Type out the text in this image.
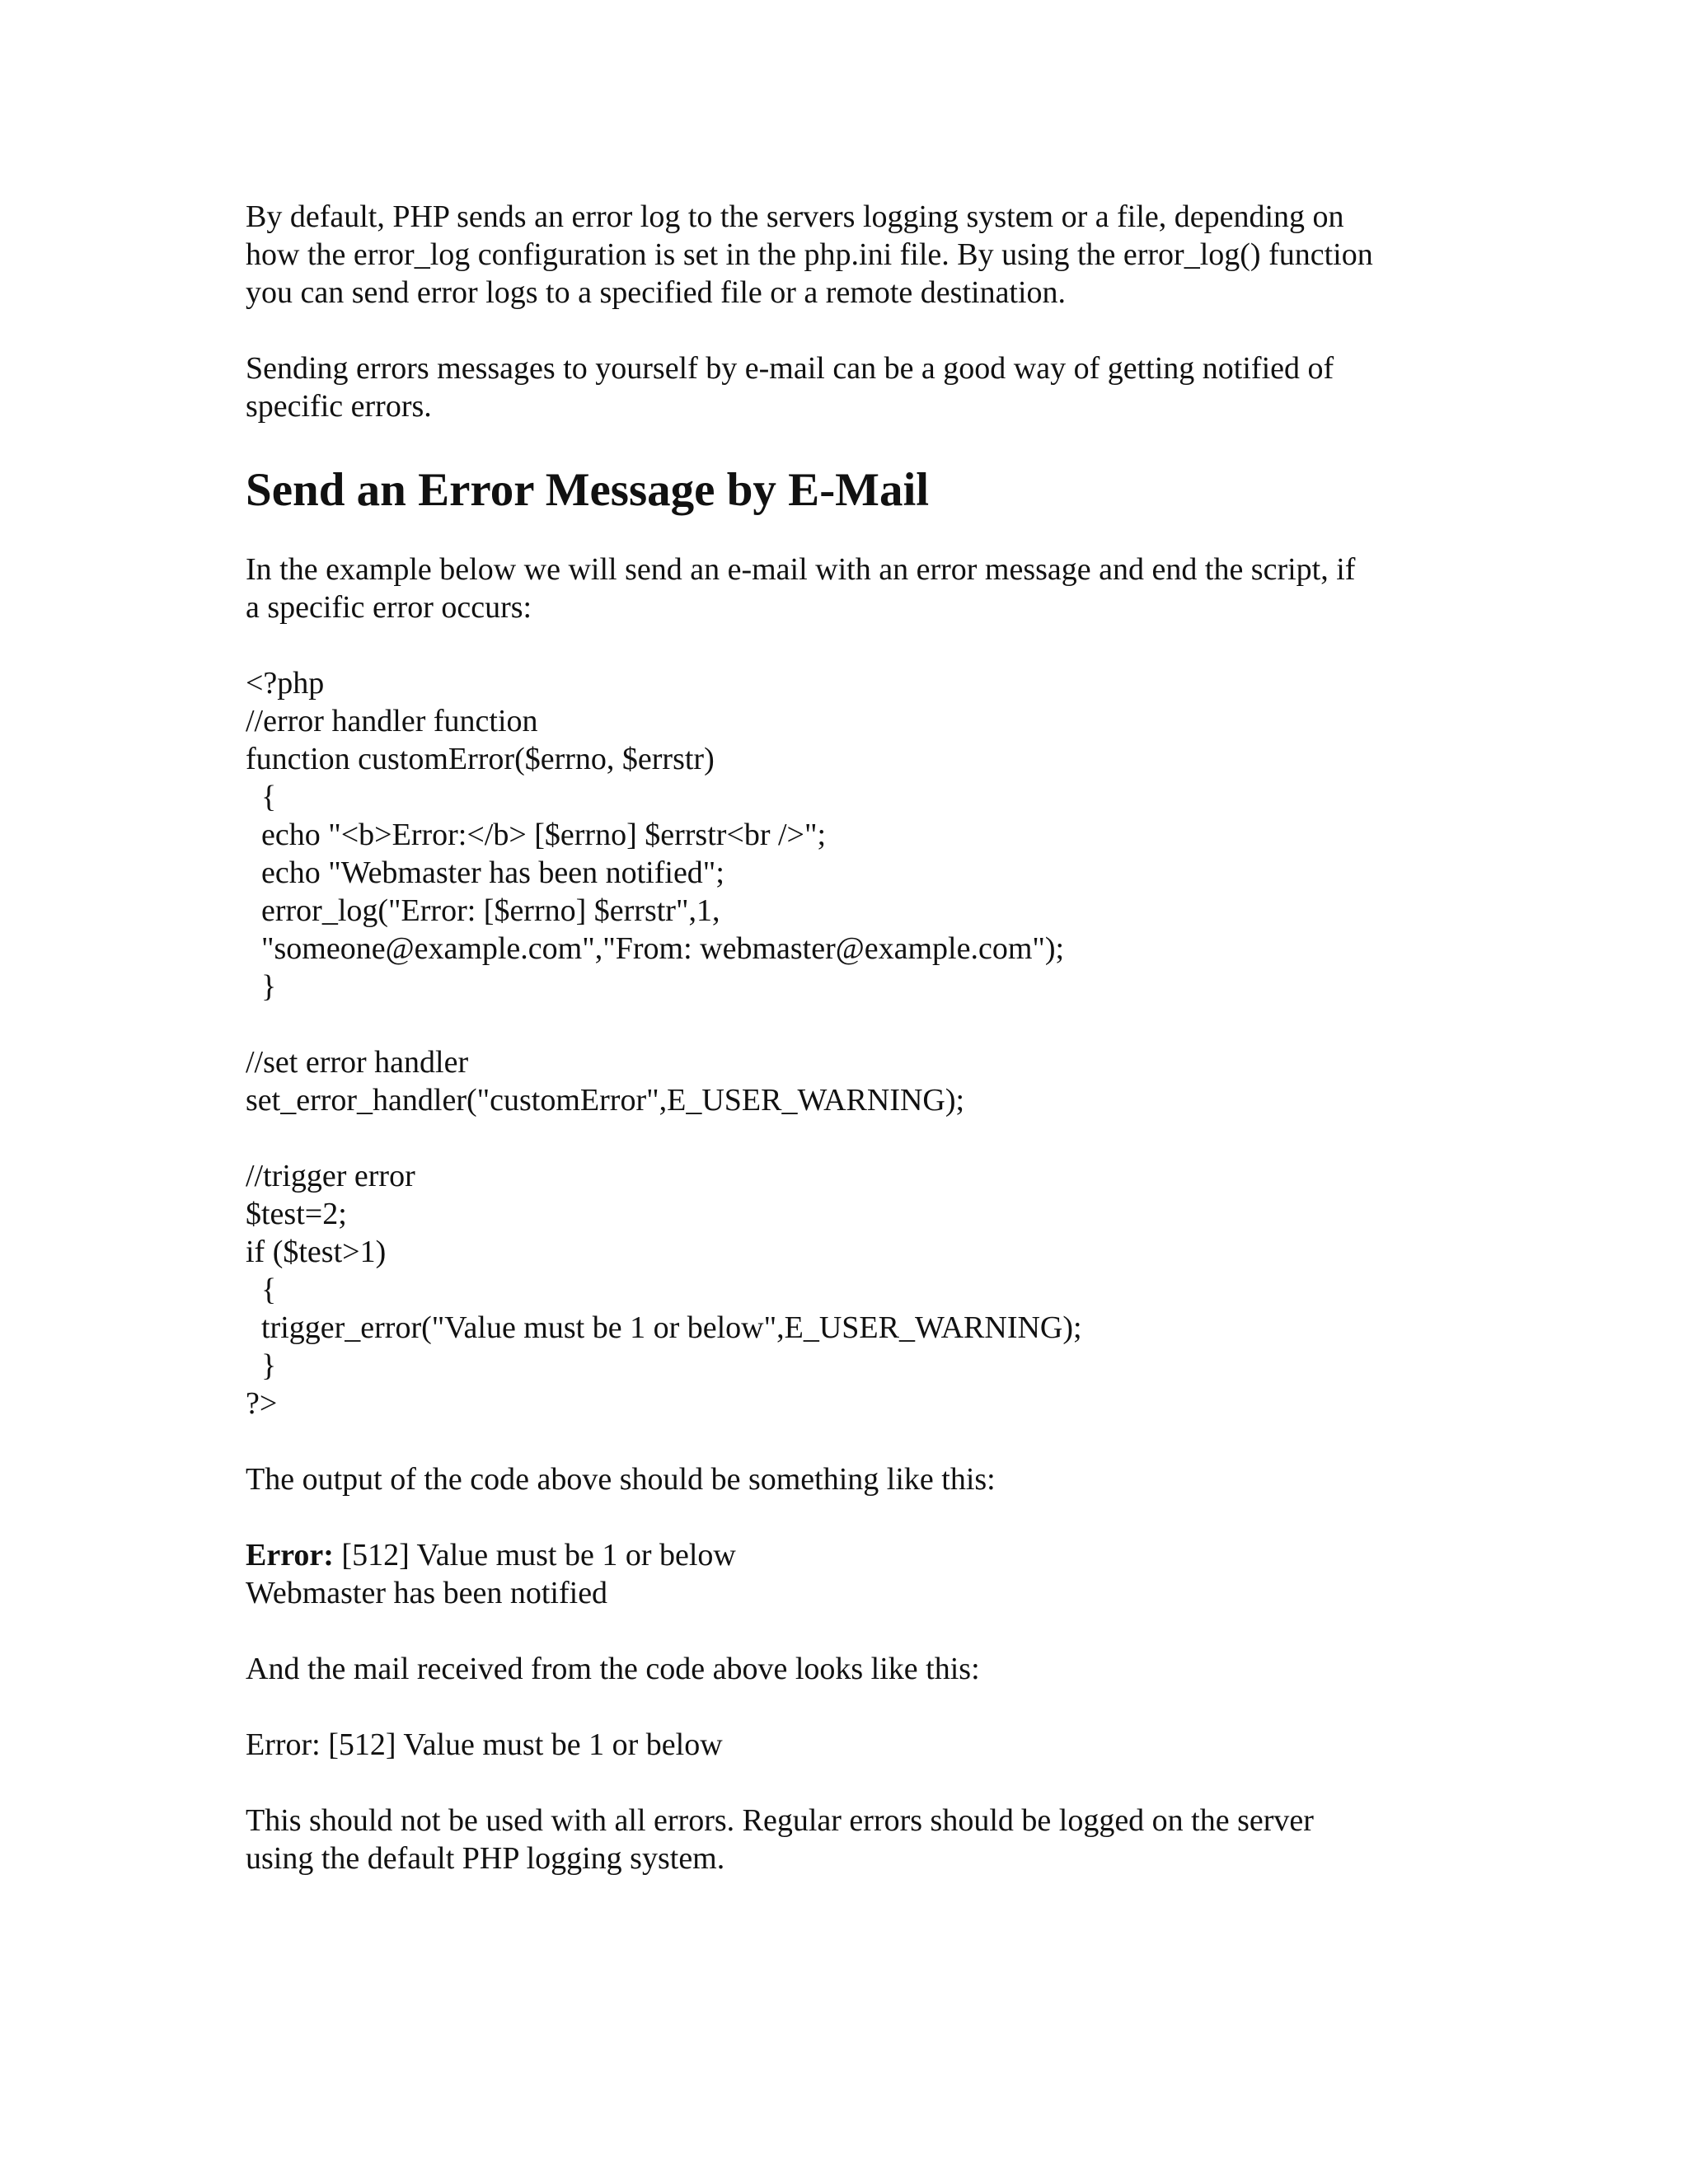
By default, PHP sends an error log to the servers logging system or a file, depending on
how the error_log configuration is set in the php.ini file. By using the error_log() function
you can send error logs to a specified file or a remote destination.

Sending errors messages to yourself by e-mail can be a good way of getting notified of
specific errors.

Send an Error Message by E-Mail

In the example below we will send an e-mail with an error message and end the script, if
a specific error occurs:

<?php
//error handler function
function customError($errno, $errstr)
{
echo "<b>Error:</b> [$errno] $errstr<br />";
echo "Webmaster has been notified";
error_log("Error: [$errno] $errstr",1,
"someone@example.com","From: webmaster@example.com");
}
//set error handler
set_error_handler("customError",E_USER_WARNING);
//trigger error
$test=2;
if ($test>1)
{
trigger_error("Value must be 1 or below",E_USER_WARNING);
}
?>

The output of the code above should be something like this:

Error: [512] Value must be 1 or below
Webmaster has been notified

And the mail received from the code above looks like this:

Error: [512] Value must be 1 or below

This should not be used with all errors. Regular errors should be logged on the server
using the default PHP logging system.
